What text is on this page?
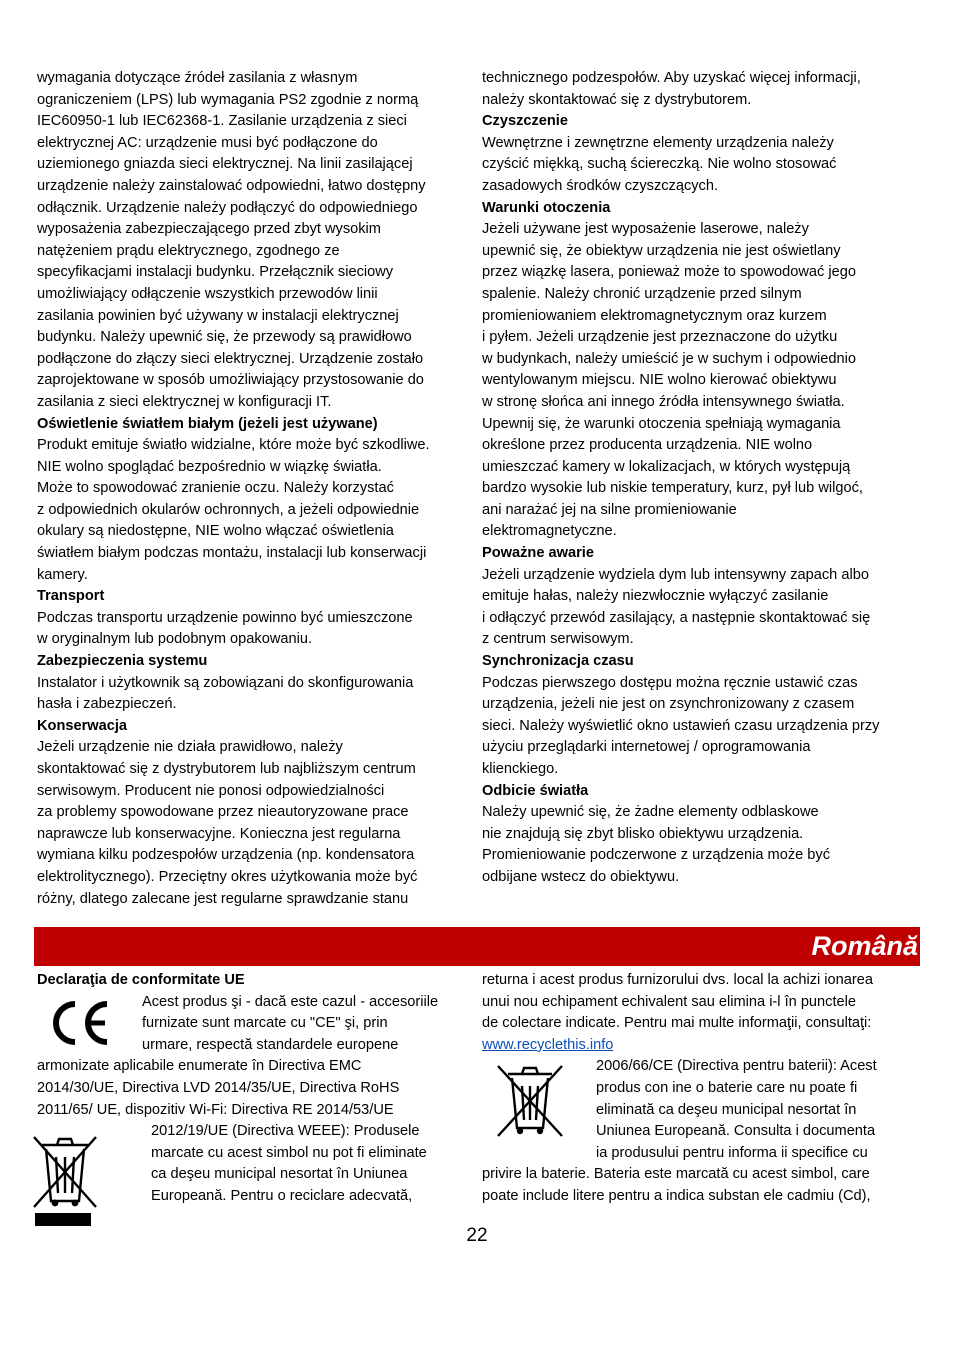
wymagania dotyczące źródeł zasilania z własnym
ograniczeniem (LPS) lub wymagania PS2 zgodnie z normą
IEC60950-1 lub IEC62368-1. Zasilanie urządzenia z sieci
elektrycznej AC: urządzenie musi być podłączone do
uziemionego gniazda sieci elektrycznej. Na linii zasilającej
urządzenie należy zainstalować odpowiedni, łatwo dostępny
odłącznik. Urządzenie należy podłączyć do odpowiedniego
wyposażenia zabezpieczającego przed zbyt wysokim
natężeniem prądu elektrycznego, zgodnego ze
specyfikacjami instalacji budynku. Przełącznik sieciowy
umożliwiający odłączenie wszystkich przewodów linii
zasilania powinien być używany w instalacji elektrycznej
budynku. Należy upewnić się, że przewody są prawidłowo
podłączone do złączy sieci elektrycznej. Urządzenie zostało
zaprojektowane w sposób umożliwiający przystosowanie do
zasilania z sieci elektrycznej w konfiguracji IT.
Oświetlenie światłem białym (jeżeli jest używane)
Produkt emituje światło widzialne, które może być szkodliwe.
NIE wolno spoglądać bezpośrednio w wiązkę światła.
Może to spowodować zranienie oczu. Należy korzystać
z odpowiednich okularów ochronnych, a jeżeli odpowiednie
okulary są niedostępne, NIE wolno włączać oświetlenia
światłem białym podczas montażu, instalacji lub konserwacji
kamery.
Transport
Podczas transportu urządzenie powinno być umieszczone
w oryginalnym lub podobnym opakowaniu.
Zabezpieczenia systemu
Instalator i użytkownik są zobowiązani do skonfigurowania
hasła i zabezpieczeń.
Konserwacja
Jeżeli urządzenie nie działa prawidłowo, należy
skontaktować się z dystrybutorem lub najbliższym centrum
serwisowym. Producent nie ponosi odpowiedzialności
za problemy spowodowane przez nieautoryzowane prace
naprawcze lub konserwacyjne. Konieczna jest regularna
wymiana kilku podzespołów urządzenia (np. kondensatora
elektrolitycznego). Przeciętny okres użytkowania może być
różny, dlatego zalecane jest regularne sprawdzanie stanu
technicznego podzespołów. Aby uzyskać więcej informacji,
należy skontaktować się z dystrybutorem.
Czyszczenie
Wewnętrzne i zewnętrzne elementy urządzenia należy
czyścić miękką, suchą ściereczką. Nie wolno stosować
zasadowych środków czyszczących.
Warunki otoczenia
Jeżeli używane jest wyposażenie laserowe, należy
upewnić się, że obiektyw urządzenia nie jest oświetlany
przez wiązkę lasera, ponieważ może to spowodować jego
spalenie. Należy chronić urządzenie przed silnym
promieniowaniem elektromagnetycznym oraz kurzem
i pyłem. Jeżeli urządzenie jest przeznaczone do użytku
w budynkach, należy umieścić je w suchym i odpowiednio
wentylowanym miejscu. NIE wolno kierować obiektywu
w stronę słońca ani innego źródła intensywnego światła.
Upewnij się, że warunki otoczenia spełniają wymagania
określone przez producenta urządzenia. NIE wolno
umieszczać kamery w lokalizacjach, w których występują
bardzo wysokie lub niskie temperatury, kurz, pył lub wilgoć,
ani narażać jej na silne promieniowanie
elektromagnetyczne.
Poważne awarie
Jeżeli urządzenie wydziela dym lub intensywny zapach albo
emituje hałas, należy niezwłocznie wyłączyć zasilanie
i odłączyć przewód zasilający, a następnie skontaktować się
z centrum serwisowym.
Synchronizacja czasu
Podczas pierwszego dostępu można ręcznie ustawić czas
urządzenia, jeżeli nie jest on zsynchronizowany z czasem
sieci. Należy wyświetlić okno ustawień czasu urządzenia przy
użyciu przeglądarki internetowej / oprogramowania
klienckiego.
Odbicie światła
Należy upewnić się, że żadne elementy odblaskowe
nie znajdują się zbyt blisko obiektywu urządzenia.
Promieniowanie podczerwone z urządzenia może być
odbijane wstecz do obiektywu.
Română
Declaraţia de conformitate UE
Acest produs şi - dacă este cazul - accesoriile
furnizate sunt marcate cu "CE" şi, prin
urmare, respectă standardele europene
armonizate aplicabile enumerate în Directiva EMC
2014/30/UE, Directiva LVD 2014/35/UE, Directiva RoHS
2011/65/ UE, dispozitiv Wi-Fi: Directiva RE 2014/53/UE
2012/19/UE (Directiva WEEE): Produsele
marcate cu acest simbol nu pot fi eliminate
ca deşeu municipal nesortat în Uniunea
Europeană. Pentru o reciclare adecvată,
returna i acest produs furnizorului dvs. local la achizi ionarea
unui nou echipament echivalent sau elimina i-l în punctele
de colectare indicate. Pentru mai multe informaţii, consultaţi:
www.recyclethis.info
2006/66/CE (Directiva pentru baterii): Acest
produs con ine o baterie care nu poate fi
eliminată ca deşeu municipal nesortat în
Uniunea Europeană. Consulta i documenta
ia produsului pentru informa ii specifice cu
privire la baterie. Bateria este marcată cu acest simbol, care
poate include litere pentru a indica substan ele cadmiu (Cd),
22
